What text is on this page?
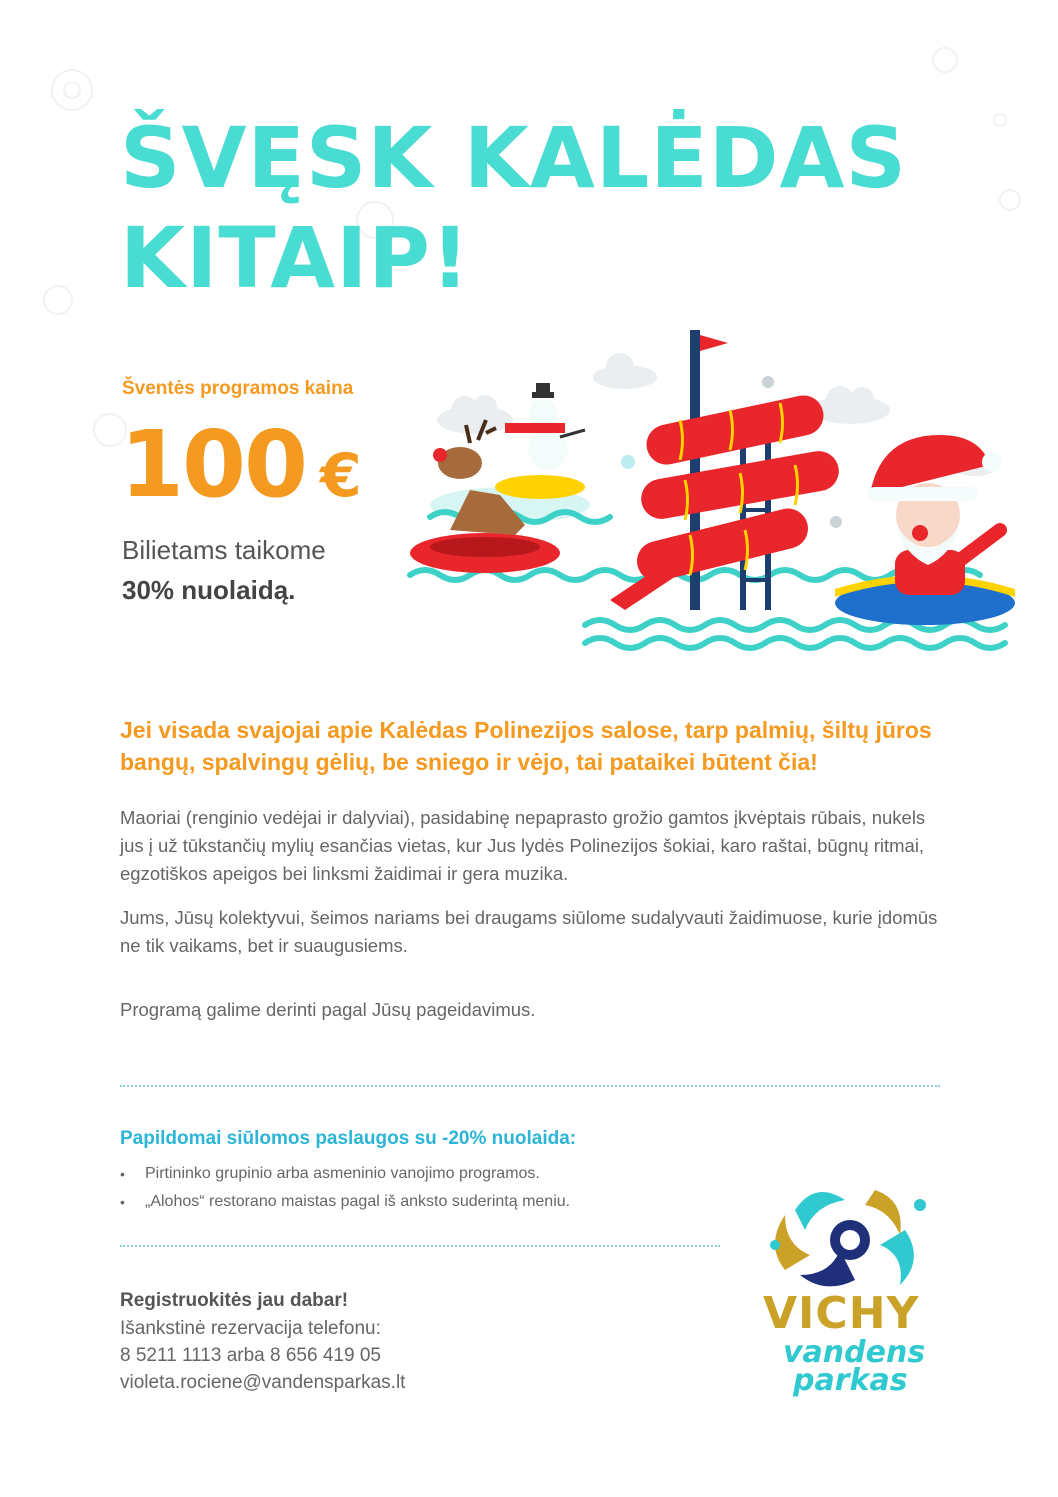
ŠVĘSK KALĖDAS
KITAIP!
Šventės programos kaina
100 €
Bilietams taikome
30% nuolaidą.

Jei visada svajojai apie Kalėdas Polinezijos salose, tarp palmių, šiltų jūros bangų, spalvingų gėlių, be sniego ir vėjo, tai pataikei būtent čia!

Maoriai (renginio vedėjai ir dalyviai), pasidabinę nepaprasto grožio gamtos įkvėptais rūbais, nukels jus į už tūkstančių mylių esančias vietas, kur Jus lydės Polinezijos šokiai, karo raštai, būgnų ritmai, egzotiškos apeigos bei linksmi žaidimai ir gera muzika.

Jums, Jūsų kolektyvui, šeimos nariams bei draugams siūlome sudalyvauti žaidimuose, kurie įdomūs ne tik vaikams, bet ir suaugusiems.

Programą galime derinti pagal Jūsų pageidavimus.

Papildomai siūlomos paslaugos su -20% nuolaida:
• Pirtininko grupinio arba asmeninio vanojimo programos.
• „Alohos“ restorano maistas pagal iš anksto suderintą meniu.
Registruokitės jau dabar!
Išankstinė rezervacija telefonu:
8 5211 1113 arba 8 656 419 05
violeta.rociene@vandensparkas.lt
VICHY
vandens
parkas
